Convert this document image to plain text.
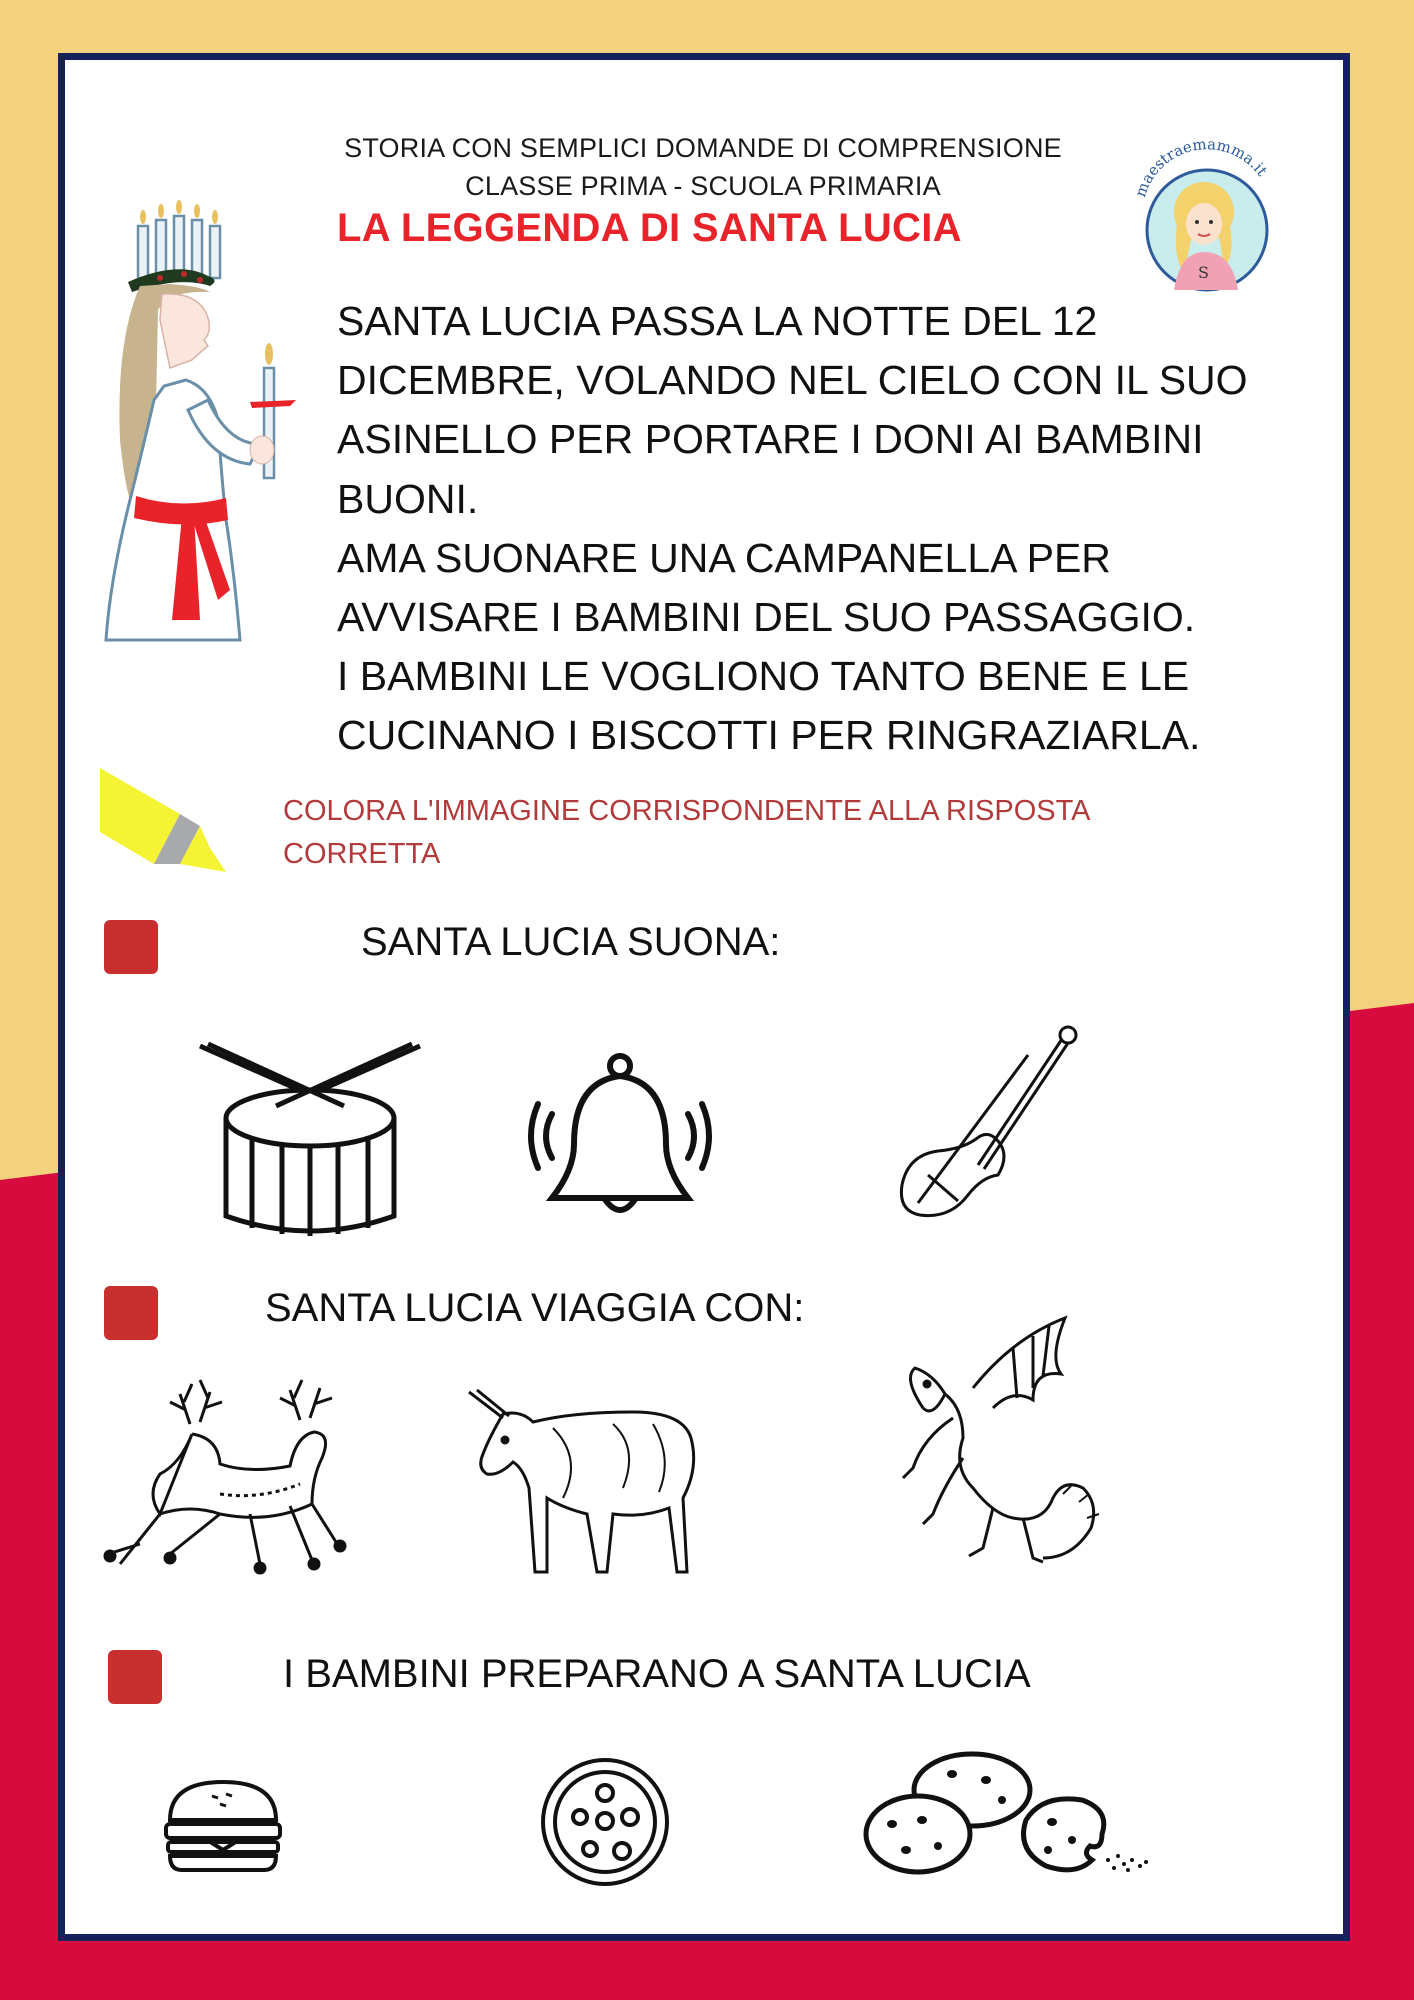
STORIA CON SEMPLICI DOMANDE DI COMPRENSIONE
CLASSE PRIMA - SCUOLA PRIMARIA
LA LEGGENDA DI SANTA LUCIA
maestraemamma.it
S
SANTA LUCIA PASSA LA NOTTE DEL 12
DICEMBRE, VOLANDO NEL CIELO CON IL SUO
ASINELLO PER PORTARE I DONI AI BAMBINI
BUONI.
AMA SUONARE UNA CAMPANELLA PER
AVVISARE I BAMBINI DEL SUO PASSAGGIO.
I BAMBINI LE VOGLIONO TANTO BENE E LE
CUCINANO I BISCOTTI PER RINGRAZIARLA.
COLORA L'IMMAGINE CORRISPONDENTE ALLA RISPOSTA
CORRETTA
SANTA LUCIA SUONA:
SANTA LUCIA VIAGGIA CON:
I BAMBINI PREPARANO A SANTA LUCIA
